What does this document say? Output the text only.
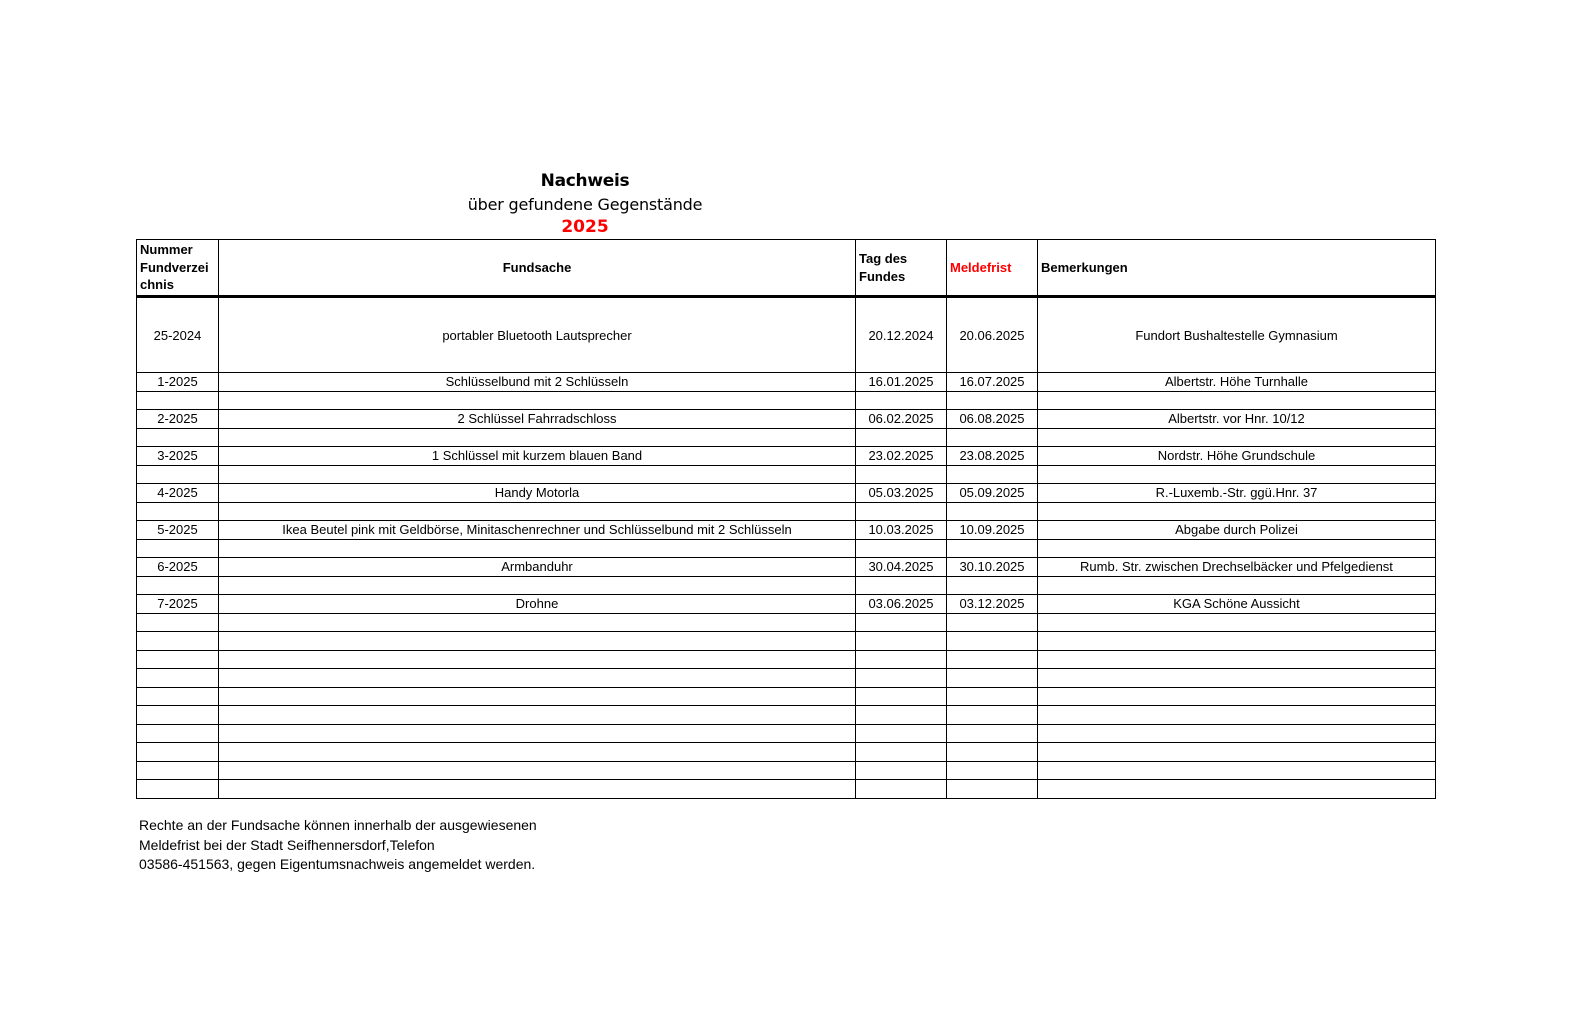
Nachweis
über gefundene Gegenstände
2025
Nummer Fundverzei chnis	Fundsache	Tag des Fundes	Meldefrist	Bemerkungen
25-2024	portabler Bluetooth Lautsprecher	20.12.2024	20.06.2025	Fundort Bushaltestelle Gymnasium
1-2025	Schlüsselbund mit 2 Schlüsseln	16.01.2025	16.07.2025	Albertstr. Höhe Turnhalle

2-2025	2 Schlüssel Fahrradschloss	06.02.2025	06.08.2025	Albertstr. vor Hnr. 10/12

3-2025	1 Schlüssel mit kurzem blauen Band	23.02.2025	23.08.2025	Nordstr. Höhe Grundschule

4-2025	Handy Motorla	05.03.2025	05.09.2025	R.-Luxemb.-Str. ggü.Hnr. 37

5-2025	Ikea Beutel pink mit Geldbörse, Minitaschenrechner und Schlüsselbund mit 2 Schlüsseln	10.03.2025	10.09.2025	Abgabe durch Polizei

6-2025	Armbanduhr	30.04.2025	30.10.2025	Rumb. Str. zwischen Drechselbäcker und Pfelgedienst

7-2025	Drohne	03.06.2025	03.12.2025	KGA Schöne Aussicht

Rechte an der Fundsache können innerhalb der ausgewiesenen
Meldefrist bei der Stadt Seifhennersdorf,Telefon
03586-451563, gegen Eigentumsnachweis angemeldet werden.
